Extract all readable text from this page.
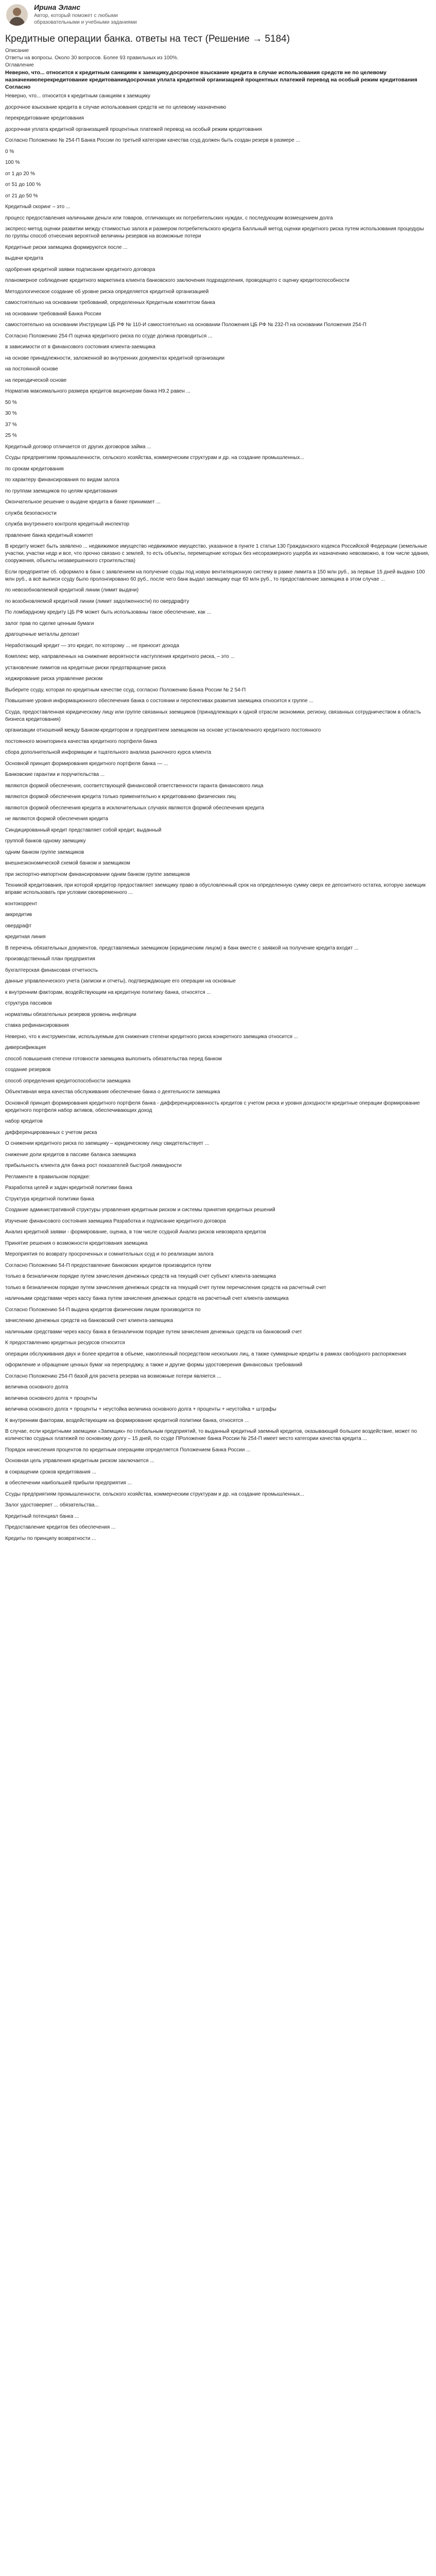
Ирина Эланс
Автор, который поможет с любыми образовательными и учебными заданиями
Кредитные операции банка. ответы на тест (Решение → 5184)
Описание
Ответы на вопросы. Около 30 вопросов. Более 93 правильных из 100%.
Оглавление
Неверно, что... относится к кредитным санкциям к заемщику,досрочное взыскание кредита в случае использования средств не по целевому назначениюперекредитование кредитованиядосрочная уплата кредитной организацией процентных платежей перевод на особый режим кредитования Согласно
Неверно, что... относится к кредитным санкциям к заемщику
досрочное взыскание кредита в случае использования средств не по целевому назначению
перекредитование кредитования
досрочная уплата кредитной организацией процентных платежей перевод на особый режим кредитования
Согласно Положению № 254-П Банка России по третьей категории качества ссуд должен быть создан резерв в размере ...
0 %
100 %
от 1 до 20 %
от 51 до 100 %
от 21 до 50 %
Кредитный скоринг – это ...
процесс предоставления наличными деньги или товаров, отличающих их потребительских нуждах, с последующим возмещением долга
экспресс-метод оценки развитии между стоимостью залога и размером потребительского кредита Балльный метод оценки кредитного риска путем использования процедуры по группы способ отнесения вероятной величины резервов на возможные потери
Кредитные риски заемщика формируются после ...
выдачи кредита
одобрения кредитной заявки подписании кредитного договора
планомерное соблюдение кредитного маркетинга клиента банковского заключения подразделения, проводящего с оценку кредитоспособности
Методологическое создание об уровне риска определяется кредитной организацией
самостоятельно на основании требований, определенных Кредитным комитетом банка
на основании требований Банка России
самостоятельно на основании Инструкции ЦБ РФ № 110-И самостоятельно на основании Положения ЦБ РФ № 232-П на основании Положения 254-П
Согласно Положению 254-П оценка кредитного риска по ссуде должна проводиться ...
в зависимости от в финансового состояния клиента-заемщика
на основе принадлежности, заложенной во внутренних документах кредитной организации
на постоянной основе
на периодической основе
Норматив максимального размера кредитов акционерам банка Н9.2 равен ...
50 %
30 %
37 %
25 %
Кредитный договор отличается от других договоров займа ...
Ссуды предприятиям промышленности, сельского хозяйства, коммерческим структурам и др. на создание промышленных...
по срокам кредитования
по характеру финансирования по видам залога
по группам заемщиков по целям кредитования
Окончательное решение о выдаче кредита в банке принимает ...
служба безопасности
служба внутреннего контроля кредитный инспектор
правление банка кредитный комитет
В кредиту может быть заявлено ... недвижимое имущество недвижимое имущество, указанное в пункте 1 статьи 130 Гражданского кодекса Российской Федерации (земельные участки, участки недр и все, что прочно связано с землей, то есть объекты, перемещение которых без несоразмерного ущерба их назначению невозможно, в том числе здания, сооружения, объекты незавершенного строительства)
Если предприятие сб. оформило в банк с заявлением на получение ссуды под новую вентиляционную систему в рамке лимита в 150 млн руб., за первые 15 дней выдано 100 млн руб., а всё выписи ссуду было пролонгировано 60 руб., после чего банк выдал заемщику еще 60 млн руб., то предоставление заемщика в этом случае ...
по невозобновляемой кредитной линии (лимит выдачи)
по возобновляемой кредитной линии (лимит задолженности) по овердрафту
По ломбардному кредиту ЦБ РФ может быть использованы такое обеспечение, как ...
залог прав по сделке ценным бумаги
драгоценные металлы депозит
Неработающий кредит — это кредит, по которому ... не приносит дохода
Комплекс мер, направленных на снижение вероятности наступления кредитного риска, – это ...
установление лимитов на кредитные риски предотвращение риска
хеджирование риска управление риском
Выберите ссуду, которая по кредитным качестве ссуд, согласно Положению Банка России № 2 54-П
Повышение уровня информационного обеспечения банка о состоянии и перспективах развития заемщика относится к группе ...
Ссуда, предоставленная юридическому лицу или группе связанных заемщиков (принадлежащих к одной отрасли экономики, региону, связанных сотрудничеством в область бизнеса кредитования)
организации отношений между Банком-кредитором и предприятием заемщиком на основе установленного кредитного постоянного
постоянного мониторинга качества кредитного портфеля банка
сбора дополнительной информации и тщательного анализа рыночного курса клиента
Основной принцип формирования кредитного портфеля банка — ...
Банковские гарантии и поручительства ...
являются формой обеспечения, соответствующей финансовой ответственности гаранта финансового лица
являются формой обеспечения кредита только применительно к кредитованию физических лиц
являются формой обеспечения кредита в исключительных случаях являются формой обеспечения кредита
не являются формой обеспечения кредита
Синдицированный кредит представляет собой кредит, выданный
группой банков одному заемщику
одним банком группе заемщиков
внешнеэкономической схемой банком и заемщиком
при экспортно-импортном финансировании одним банком группе заемщиков
Техникой кредитования, при которой кредитор предоставляет заемщику право в обусловленный срок на определенную сумму сверх ее депозитного остатка, которую заемщик вправе использовать при условии своевременного ...
контокоррент
аккредитив
овердрафт
кредитная линия
В перечень обязательных документов, представляемых заемщиком (юридическим лицом) в банк вместе с заявкой на получение кредита входит ...
производственный план предприятия
бухгалтерская финансовая отчетность
данные управленческого учета (записки и отчеты), подтверждающие его операции на основные
к внутренним факторам, воздействующим на кредитную политику банка, относятся ...
структура пассивов
нормативы обязательных резервов уровень инфляции
ставка рефинансирования
Неверно, что к инструментам, используемым для снижения степени кредитного риска конкретного заемщика относится ...
диверсификация
способ повышения степени готовности заемщика выполнить обязательства перед банком
создание резервов
способ определения кредитоспособности заемщика
Объективная мера качества обслуживания обеспечение банка о деятельности заемщика
Основной принцип формирования кредитного портфеля банка - дифференцированность кредитов с учетом риска и уровня доходности кредитные операции формирование кредитного портфеля набор активов, обеспечивающих доход
набор кредитов
дифференцированных с учетом риска
О снижении кредитного риска по заемщику – юридическому лицу свидетельствует ...
снижение доли кредитов в пассиве баланса заемщика
прибыльность клиента для банка рост показателей быстрой ликвидности
Регламенте в правильном порядке:
Разработка целей и задач кредитной политики банка
Структура кредитной политики банка
Создание административной структуры управления кредитным риском и системы принятия кредитных решений
Изучение финансового состояния заемщика Разработка и подписание кредитного договора
Анализ кредитной заявки - формирование, оценка, в том числе ссудной Анализ рисков невозврата кредитов
Принятие решения о возможности кредитования заемщика
Мероприятия по возврату просроченных и сомнительных ссуд и по реализации залога
Согласно Положению 54-П предоставление банковских кредитов производится путем
только в безналичном порядке путем зачисления денежных средств на текущий счет субъект клиента-заемщика
только в безналичном порядке путем зачисления денежных средств на текущий счет путем перечисления средств на расчетный счет
наличными средствами через кассу банка путем зачисления денежных средств на расчетный счет клиента-заемщика
Согласно Положению 54-П выдача кредитов физическим лицам производится по
зачислению денежных средств на банковский счет клиента-заемщика
наличными средствами через кассу банка в безналичном порядке путем зачисления денежных средств на банковский счет
К предоставлению кредитных ресурсов относится
операции обслуживания двух и более кредитов в объеме, накопленный посредством нескольких лиц, а также суммарные кредиты в рамках свободного распоряжения
оформление и обращение ценных бумаг на перепродажу, а также и другие формы удостоверения финансовых требований
Согласно Положению 254-П базой для расчета резерва на возможные потери является ...
величина основного долга
величина основного долга + проценты
величина основного долга + проценты + неустойка величина основного долга + проценты + неустойка + штрафы
К внутренним факторам, воздействующим на формирование кредитной политики банка, относятся ...
В случае, если кредитными заемщики «Заемщик» по глобальным предприятий, то выданный кредитный заемный кредитов, оказывающий большее воздействие, может по количество ссудных платежей по основному долгу – 15 дней, по ссуде ПРоложение банка России № 254-П имеет место категории качества кредита ...
Порядок начисления процентов по кредитным операциям определяется Положением Банка России ...
Основная цель управления кредитным риском заключается ...
в сокращении сроков кредитования ...
в обеспечении наибольшей прибыли предприятия ...
Ссуды предприятиям промышленности, сельского хозяйства, коммерческим структурам и др. на создание промышленных...
Залог удостоверяет ... обязательства...
Кредитный потенциал банка ...
Предоставление кредитов без обеспечения ...
Кредиты по принципу возвратности ...
